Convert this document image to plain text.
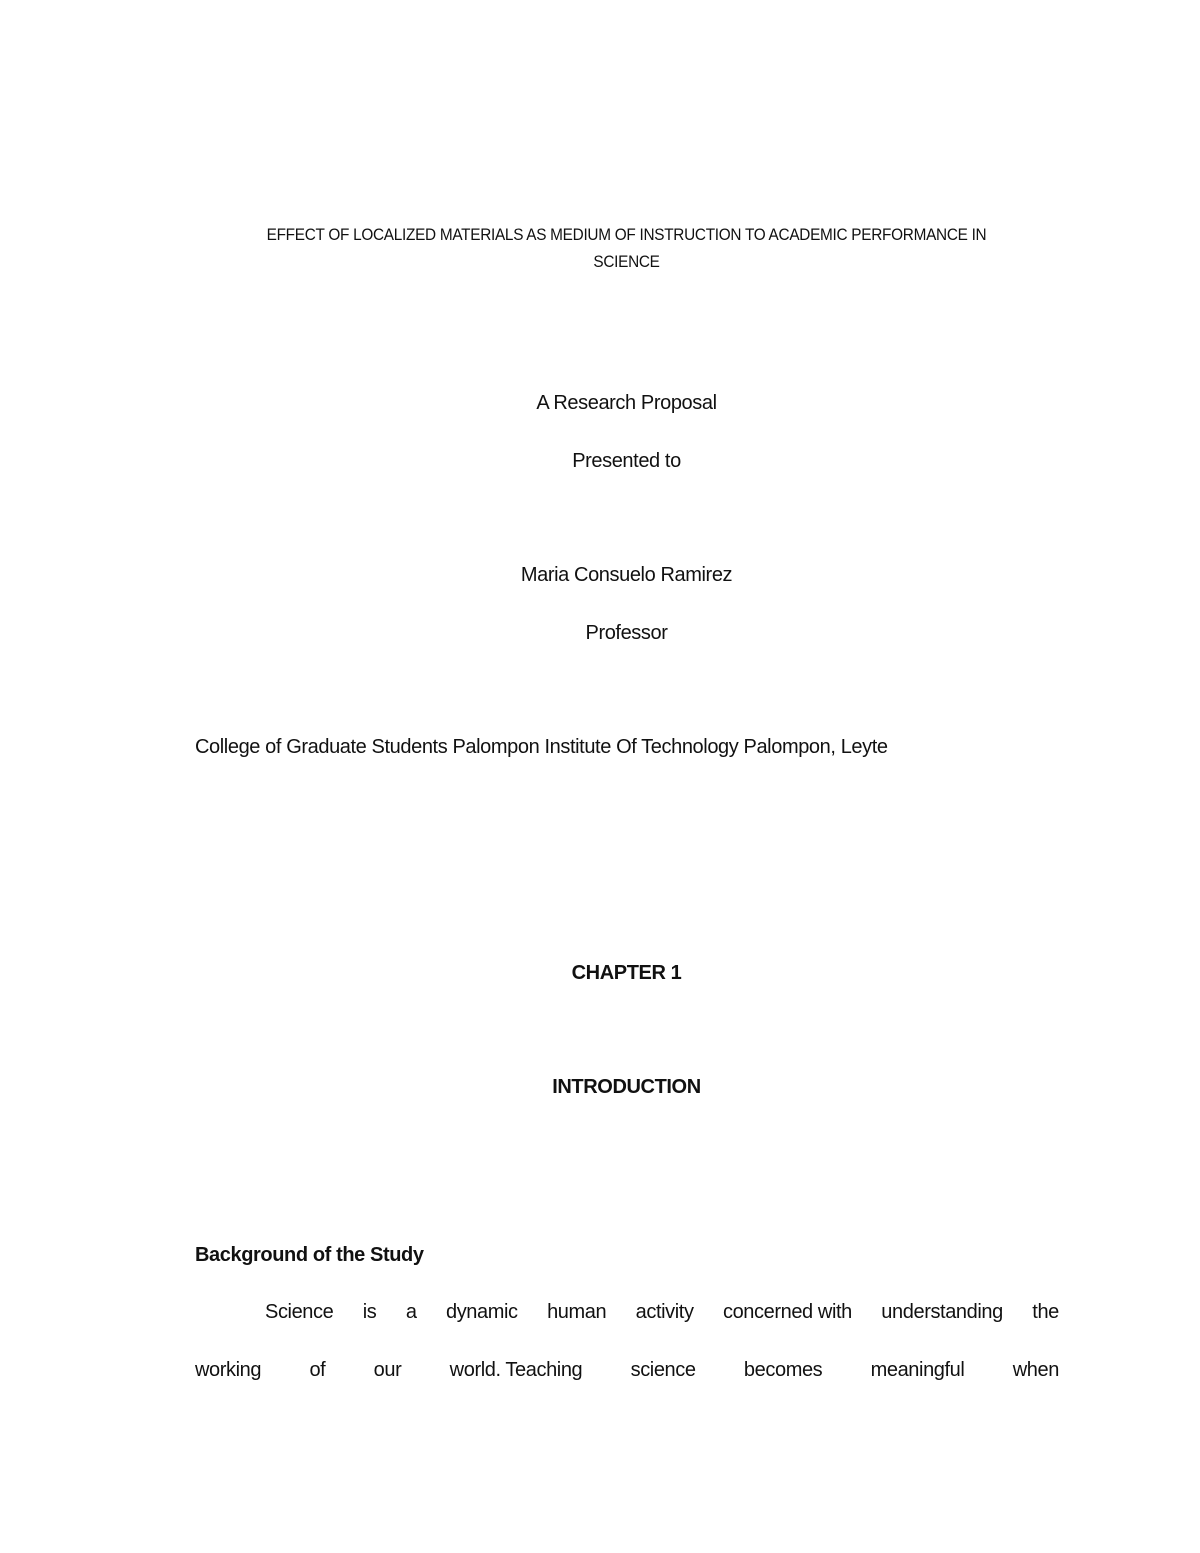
EFFECT OF LOCALIZED MATERIALS AS MEDIUM OF INSTRUCTION TO ACADEMIC PERFORMANCE IN
SCIENCE
A Research Proposal
Presented to
Maria Consuelo Ramirez
Professor
College of Graduate Students Palompon Institute Of Technology Palompon, Leyte
CHAPTER 1
INTRODUCTION
Background of the Study
Science is a dynamic human activity concerned with understanding the
working of our world. Teaching science becomes meaningful when
